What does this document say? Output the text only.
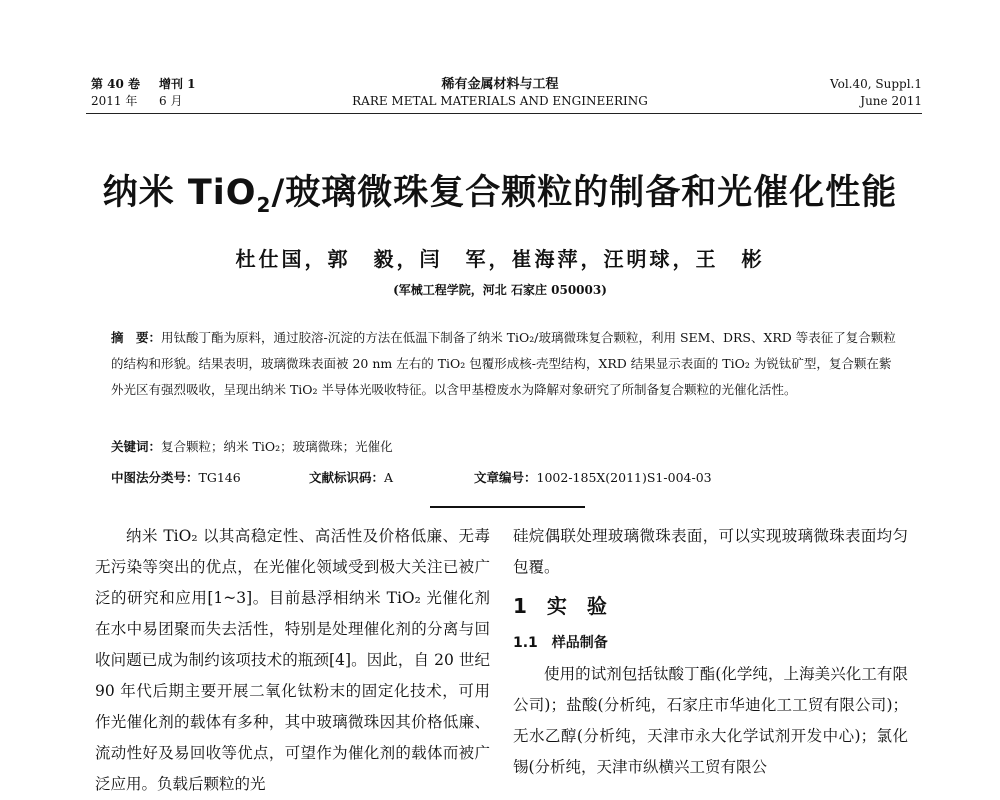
第 40 卷 增刊 1
2011 年 6 月
稀有金属材料与工程
RARE METAL MATERIALS AND ENGINEERING
Vol.40, Suppl.1
June 2011
纳米 TiO$_2$/玻璃微珠复合颗粒的制备和光催化性能
杜仕国，郭　毅，闫　军，崔海萍，汪明球，王　彬
(军械工程学院，河北 石家庄 050003)
摘　要：用钛酸丁酯为原料，通过胶溶-沉淀的方法在低温下制备了纳米 TiO₂/玻璃微珠复合颗粒，利用 SEM、DRS、XRD 等表征了复合颗粒的结构和形貌。结果表明，玻璃微珠表面被 20 nm 左右的 TiO₂ 包覆形成核-壳型结构，XRD 结果显示表面的 TiO₂ 为锐钛矿型，复合颗在紫外光区有强烈吸收，呈现出纳米 TiO₂ 半导体光吸收特征。以含甲基橙废水为降解对象研究了所制备复合颗粒的光催化活性。
关键词：复合颗粒；纳米 TiO₂；玻璃微珠；光催化
中图法分类号：TG146	文献标识码：A	文章编号：1002-185X(2011)S1-004-03

纳米 TiO₂ 以其高稳定性、高活性及价格低廉、无毒无污染等突出的优点，在光催化领域受到极大关注已被广泛的研究和应用[1~3]。目前悬浮相纳米 TiO₂ 光催化剂在水中易团聚而失去活性，特别是处理催化剂的分离与回收问题已成为制约该项技术的瓶颈[4]。因此，自 20 世纪 90 年代后期主要开展二氧化钛粉末的固定化技术，可用作光催化剂的载体有多种，其中玻璃微珠因其价格低廉、流动性好及易回收等优点，可望作为催化剂的载体而被广泛应用。负载后颗粒的光

硅烷偶联处理玻璃微珠表面，可以实现玻璃微珠表面均匀包覆。

1　实　验

1.1　样品制备

使用的试剂包括钛酸丁酯(化学纯，上海美兴化工有限公司)；盐酸(分析纯，石家庄市华迪化工工贸有限公司)；无水乙醇(分析纯，天津市永大化学试剂开发中心)；氯化锡(分析纯，天津市纵横兴工贸有限公
